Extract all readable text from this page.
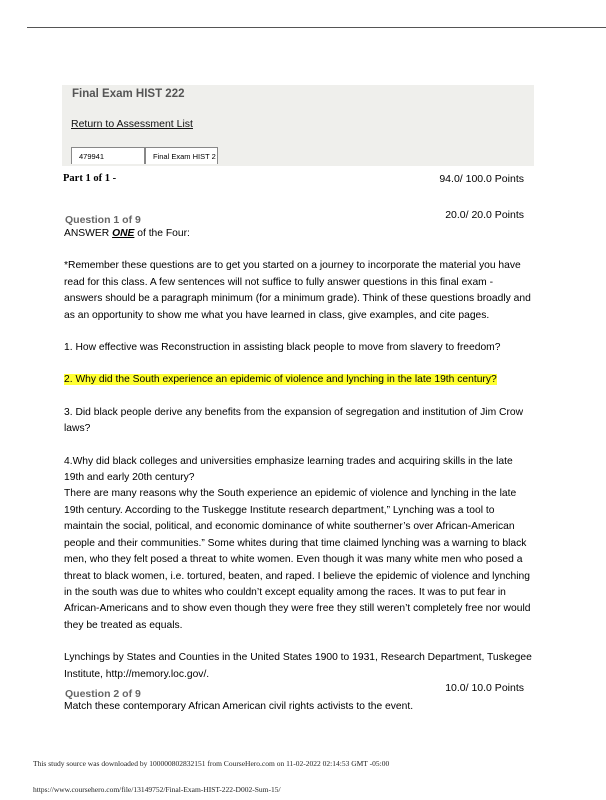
Final Exam HIST 222
Return to Assessment List
479941	Final Exam HIST 2
Part 1 of 1 -	94.0/ 100.0 Points
20.0/ 20.0 Points
Question 1 of 9

ANSWER ONE of the Four:

*Remember these questions are to get you started on a journey to incorporate the material you have read for this class. A few sentences will not suffice to fully answer questions in this final exam - answers should be a paragraph minimum (for a minimum grade). Think of these questions broadly and as an opportunity to show me what you have learned in class, give examples, and cite pages.

1. How effective was Reconstruction in assisting black people to move from slavery to freedom?

2. Why did the South experience an epidemic of violence and lynching in the late 19th century?

3. Did black people derive any benefits from the expansion of segregation and institution of Jim Crow laws?

4.Why did black colleges and universities emphasize learning trades and acquiring skills in the late 19th and early 20th century?

There are many reasons why the South experience an epidemic of violence and lynching in the late 19th century. According to the Tuskegge Institute research department,” Lynching was a tool to maintain the social, political, and economic dominance of white southerner’s over African-American people and their communities.” Some whites during that time claimed lynching was a warning to black men, who they felt posed a threat to white women. Even though it was many white men who posed a threat to black women, i.e. tortured, beaten, and raped. I believe the epidemic of violence and lynching in the south was due to whites who couldn’t except equality among the races. It was to put fear in African-Americans and to show even though they were free they still weren’t completely free nor would they be treated as equals.

Lynchings by States and Counties in the United States 1900 to 1931, Research Department, Tuskegee Institute, http://memory.loc.gov/.

10.0/ 10.0 Points
Question 2 of 9
Match these contemporary African American civil rights activists to the event.
This study source was downloaded by 100000802832151 from CourseHero.com on 11-02-2022 02:14:53 GMT -05:00
https://www.coursehero.com/file/13149752/Final-Exam-HIST-222-D002-Sum-15/
